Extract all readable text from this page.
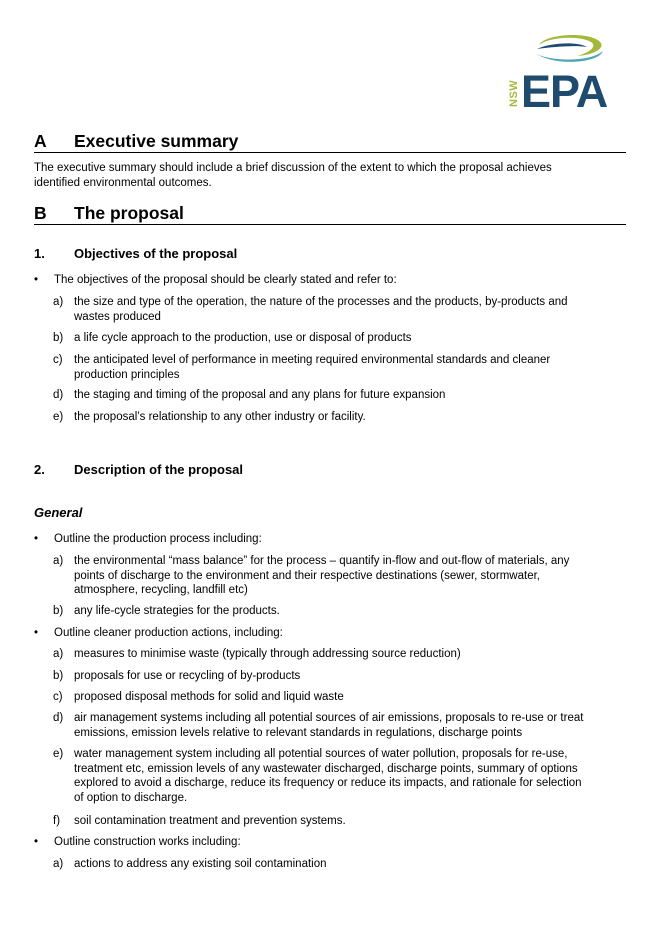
NSW EPA
A Executive summary
The executive summary should include a brief discussion of the extent to which the proposal achieves
identified environmental outcomes.
B The proposal
1. Objectives of the proposal
• The objectives of the proposal should be clearly stated and refer to:
a) the size and type of the operation, the nature of the processes and the products, by-products and
wastes produced
b) a life cycle approach to the production, use or disposal of products
c) the anticipated level of performance in meeting required environmental standards and cleaner
production principles
d) the staging and timing of the proposal and any plans for future expansion
e) the proposal’s relationship to any other industry or facility.
2. Description of the proposal
General
• Outline the production process including:
a) the environmental “mass balance” for the process – quantify in-flow and out-flow of materials, any
points of discharge to the environment and their respective destinations (sewer, stormwater,
atmosphere, recycling, landfill etc)
b) any life-cycle strategies for the products.
• Outline cleaner production actions, including:
a) measures to minimise waste (typically through addressing source reduction)
b) proposals for use or recycling of by-products
c) proposed disposal methods for solid and liquid waste
d) air management systems including all potential sources of air emissions, proposals to re-use or treat
emissions, emission levels relative to relevant standards in regulations, discharge points
e) water management system including all potential sources of water pollution, proposals for re-use,
treatment etc, emission levels of any wastewater discharged, discharge points, summary of options
explored to avoid a discharge, reduce its frequency or reduce its impacts, and rationale for selection
of option to discharge.
f) soil contamination treatment and prevention systems.
• Outline construction works including:
a) actions to address any existing soil contamination
